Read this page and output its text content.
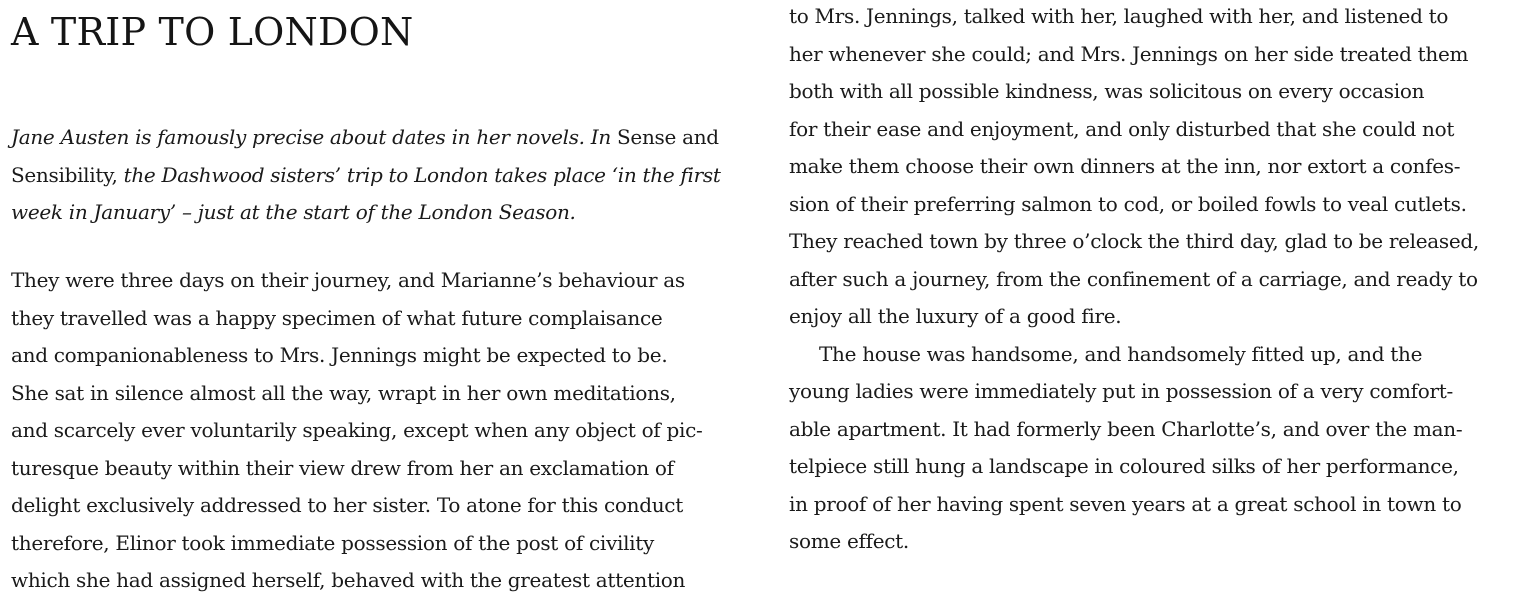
A TRIP TO LONDON
Jane Austen is famously precise about dates in her novels. In Sense and
Sensibility, the Dashwood sisters’ trip to London takes place ‘in the first
week in January’ – just at the start of the London Season.
They were three days on their journey, and Marianne’s behaviour as
they travelled was a happy specimen of what future complaisance
and companionableness to Mrs. Jennings might be expected to be.
She sat in silence almost all the way, wrapt in her own meditations,
and scarcely ever voluntarily speaking, except when any object of pic-
turesque beauty within their view drew from her an exclamation of
delight exclusively addressed to her sister. To atone for this conduct
therefore, Elinor took immediate possession of the post of civility
which she had assigned herself, behaved with the greatest attention
to Mrs. Jennings, talked with her, laughed with her, and listened to
her whenever she could; and Mrs. Jennings on her side treated them
both with all possible kindness, was solicitous on every occasion
for their ease and enjoyment, and only disturbed that she could not
make them choose their own dinners at the inn, nor extort a confes-
sion of their preferring salmon to cod, or boiled fowls to veal cutlets.
They reached town by three o’clock the third day, glad to be released,
after such a journey, from the confinement of a carriage, and ready to
enjoy all the luxury of a good fire.
The house was handsome, and handsomely fitted up, and the
young ladies were immediately put in possession of a very comfort-
able apartment. It had formerly been Charlotte’s, and over the man-
telpiece still hung a landscape in coloured silks of her performance,
in proof of her having spent seven years at a great school in town to
some effect.
